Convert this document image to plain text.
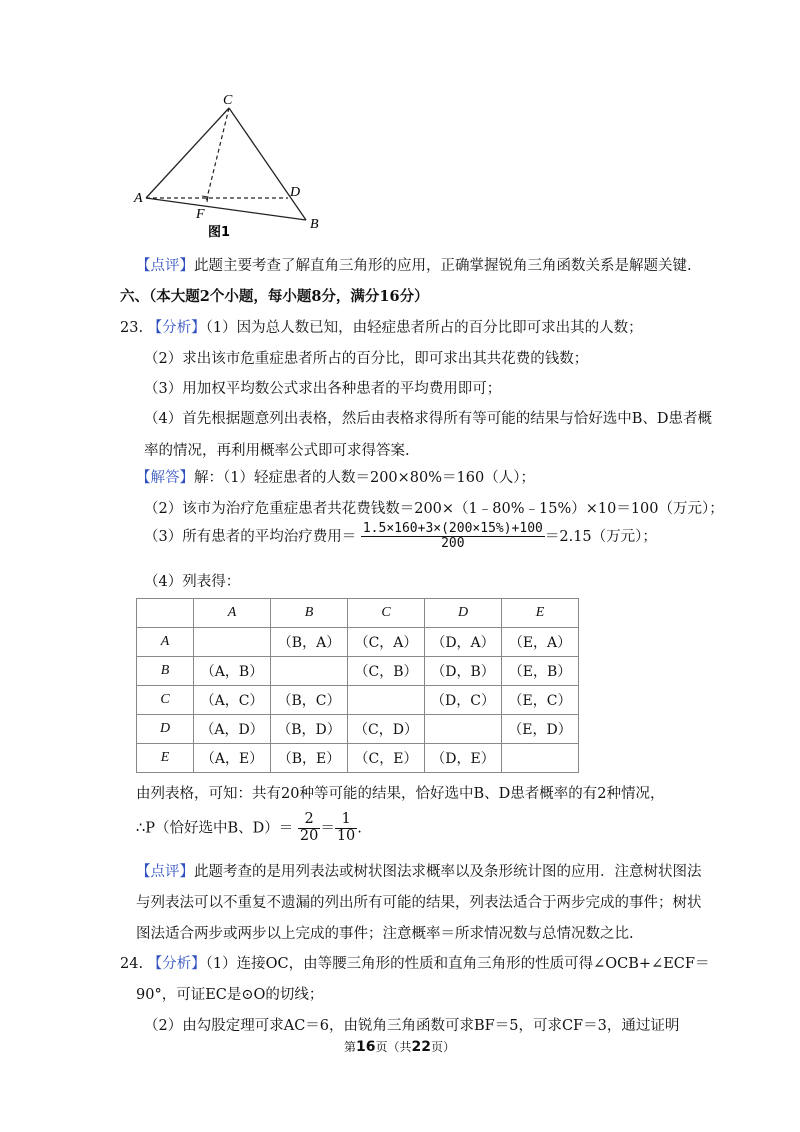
C
A	D
F
B
图1
【点评】此题主要考查了解直角三角形的应用，正确掌握锐角三角函数关系是解题关键.
六、（本大题2个小题，每小题8分，满分16分）
23. 【分析】（1）因为总人数已知，由轻症患者所占的百分比即可求出其的人数；
（2）求出该市危重症患者所占的百分比，即可求出其共花费的钱数；
（3）用加权平均数公式求出各种患者的平均费用即可；
（4）首先根据题意列出表格，然后由表格求得所有等可能的结果与恰好选中B、D患者概
率的情况，再利用概率公式即可求得答案.
【解答】解：（1）轻症患者的人数＝200×80%＝160（人）；
（2）该市为治疗危重症患者共花费钱数＝200×（1﹣80%﹣15%）×10＝100（万元）；
（3）所有患者的平均治疗费用＝ $\frac{1.5\times 160+3\times(200\times 15\%)+100}{200} =2.15$（万元）；
（4）列表得：
	A	B	C	D	E
A		（B，A）	（C，A）	（D，A）	（E，A）
B	（A，B）		（C，B）	（D，B）	（E，B）
C	（A，C）	（B，C）		（D，C）	（E，C）
D	（A，D）	（B，D）	（C，D）		（E，D）
E	（A，E）	（B，E）	（C，E）	（D，E）	
由列表格，可知：共有20种等可能的结果，恰好选中B、D患者概率的有2种情况，
∴P（恰好选中B、$D)= \frac{2}{20} = \frac{1}{10}$ .
【点评】此题考查的是用列表法或树状图法求概率以及条形统计图的应用．注意树状图法
与列表法可以不重复不遗漏的列出所有可能的结果，列表法适合于两步完成的事件；树状
图法适合两步或两步以上完成的事件；注意概率＝所求情况数与总情况数之比.
24. 【分析】（1）连接OC，由等腰三角形的性质和直角三角形的性质可得∠OCB+∠ECF＝
90°，可证EC是⊙O的切线；
（2）由勾股定理可求AC＝6，由锐角三角函数可求BF＝5，可求CF＝3，通过证明
第16页（共22页）
